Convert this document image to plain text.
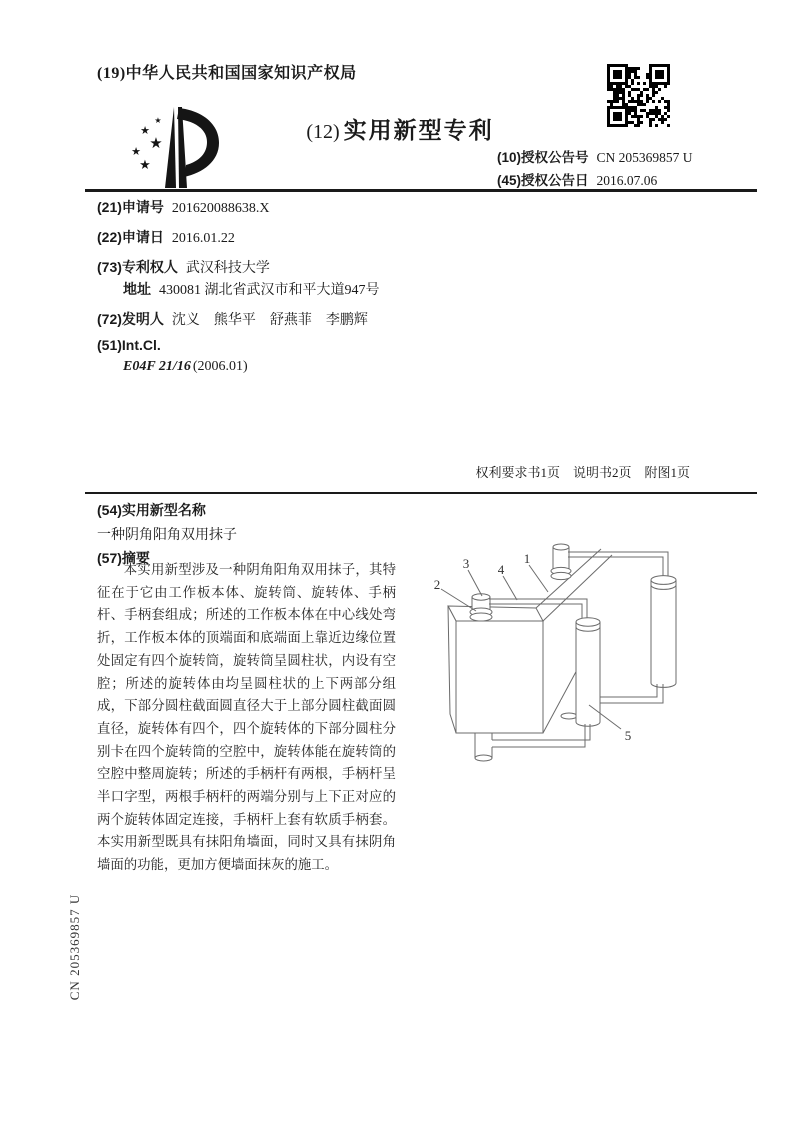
(19)中华人民共和国国家知识产权局
★
★
★
★
★
(12) 实用新型专利
(10)授权公告号 CN 205369857 U
(45)授权公告日 2016.07.06
(21)申请号 201620088638.X
(22)申请日 2016.01.22
(73)专利权人 武汉科技大学
地址 430081 湖北省武汉市和平大道947号
(72)发明人 沈义　熊华平　舒燕菲　李鹏辉
(51)Int.Cl.
E04F 21/16 (2006.01)
权利要求书1页　说明书2页　附图1页
(54)实用新型名称
一种阴角阳角双用抹子
(57)摘要
本实用新型涉及一种阴角阳角双用抹子，其特征在于它由工作板本体、旋转筒、旋转体、手柄杆、手柄套组成；所述的工作板本体在中心线处弯折，工作板本体的顶端面和底端面上靠近边缘位置处固定有四个旋转筒，旋转筒呈圆柱状，内设有空腔；所述的旋转体由均呈圆柱状的上下两部分组成，下部分圆柱截面圆直径大于上部分圆柱截面圆直径，旋转体有四个，四个旋转体的下部分圆柱分别卡在四个旋转筒的空腔中，旋转体能在旋转筒的空腔中整周旋转；所述的手柄杆有两根，手柄杆呈半口字型，两根手柄杆的两端分别与上下正对应的两个旋转体固定连接，手柄杆上套有软质手柄套。本实用新型既具有抹阳角墙面，同时又具有抹阴角墙面的功能，更加方便墙面抹灰的施工。
2
3 4
1
5
CN 205369857 U
